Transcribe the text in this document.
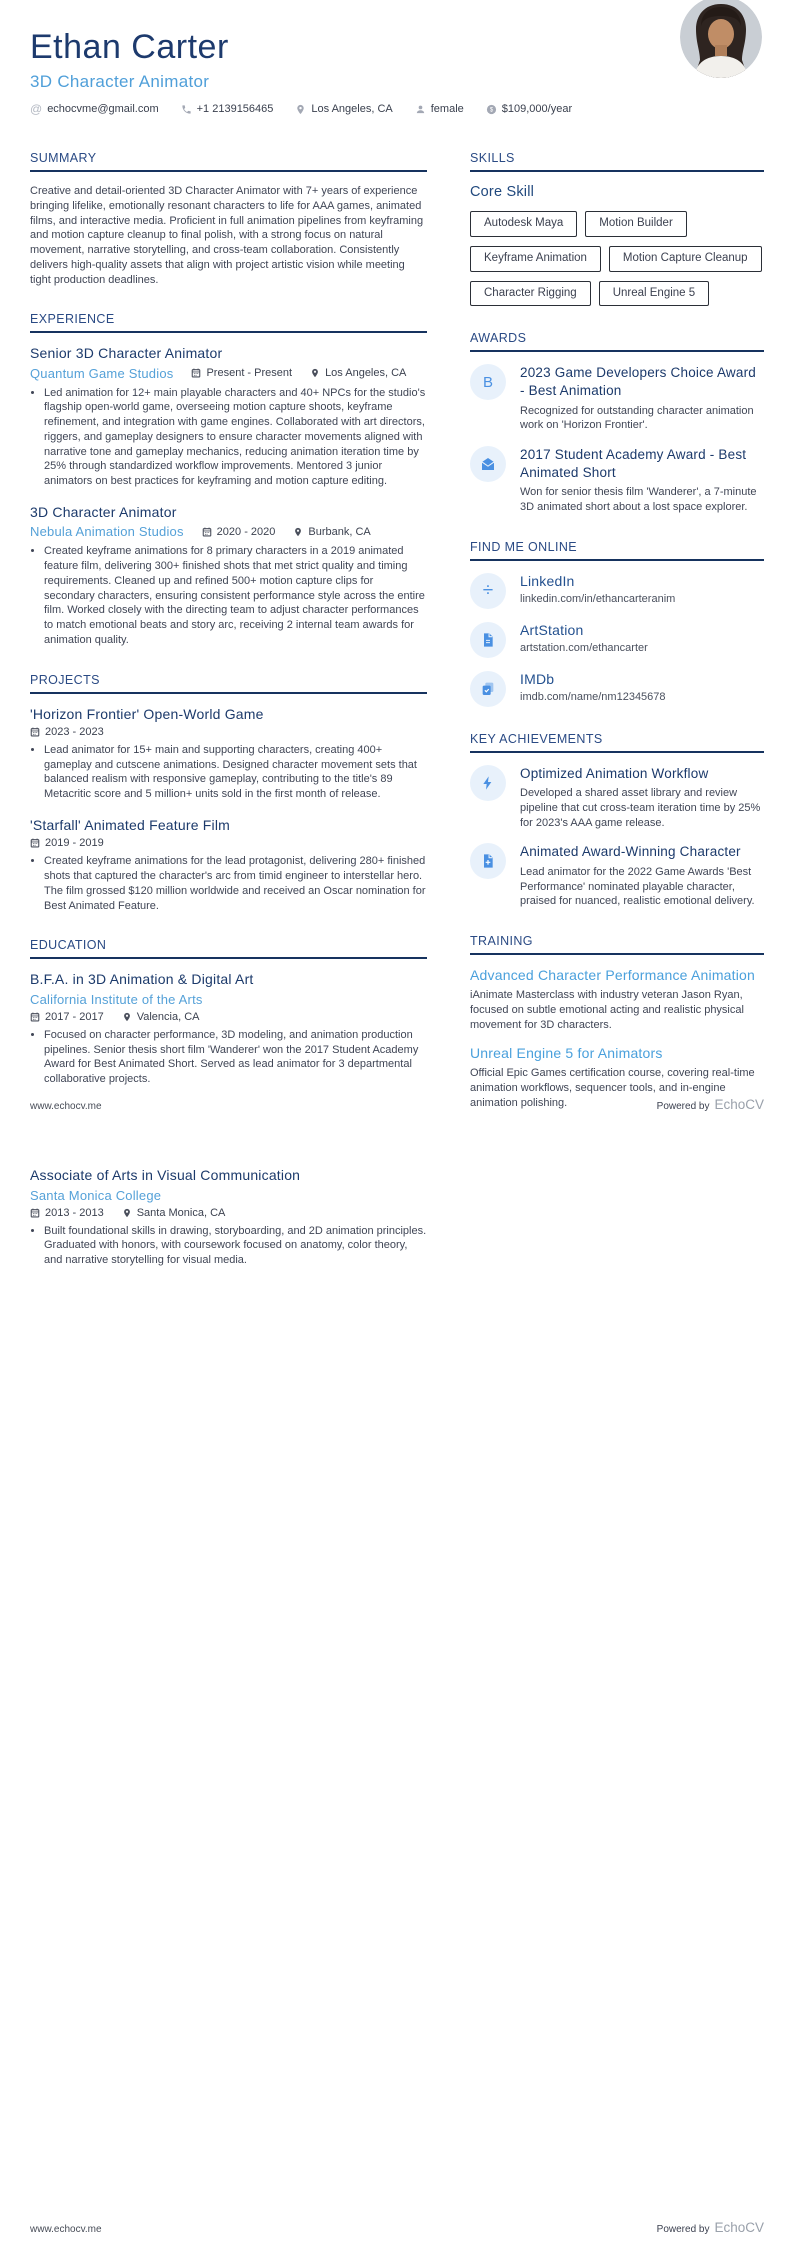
Ethan Carter
3D Character Animator
@ echocvme@gmail.com	+1 2139156465	Los Angeles, CA	female $ $109,000/year
SUMMARY
Creative and detail-oriented 3D Character Animator with 7+ years of experience bringing lifelike, emotionally resonant characters to life for AAA games, animated films, and interactive media. Proficient in full animation pipelines from keyframing and motion capture cleanup to final polish, with a strong focus on natural movement, narrative storytelling, and cross-team collaboration. Consistently delivers high-quality assets that align with project artistic vision while meeting tight production deadlines.
EXPERIENCE
Senior 3D Character Animator
Quantum Game Studios	Present - Present	Los Angeles, CA
• Led animation for 12+ main playable characters and 40+ NPCs for the studio's flagship open-world game, overseeing motion capture shoots, keyframe refinement, and integration with game engines. Collaborated with art directors, riggers, and gameplay designers to ensure character movements aligned with narrative tone and gameplay mechanics, reducing animation iteration time by 25% through standardized workflow improvements. Mentored 3 junior animators on best practices for keyframing and motion capture editing.
3D Character Animator
Nebula Animation Studios	2020 - 2020	Burbank, CA
• Created keyframe animations for 8 primary characters in a 2019 animated feature film, delivering 300+ finished shots that met strict quality and timing requirements. Cleaned up and refined 500+ motion capture clips for secondary characters, ensuring consistent performance style across the entire film. Worked closely with the directing team to adjust character performances to match emotional beats and story arc, receiving 2 internal team awards for animation quality.
PROJECTS
'Horizon Frontier' Open-World Game
2023 - 2023
• Lead animator for 15+ main and supporting characters, creating 400+ gameplay and cutscene animations. Designed character movement sets that balanced realism with responsive gameplay, contributing to the title's 89 Metacritic score and 5 million+ units sold in the first month of release.
'Starfall' Animated Feature Film
2019 - 2019
• Created keyframe animations for the lead protagonist, delivering 280+ finished shots that captured the character's arc from timid engineer to interstellar hero. The film grossed $120 million worldwide and received an Oscar nomination for Best Animated Feature.
EDUCATION
B.F.A. in 3D Animation & Digital Art
California Institute of the Arts
2017 - 2017	Valencia, CA
• Focused on character performance, 3D modeling, and animation production pipelines. Senior thesis short film 'Wanderer' won the 2017 Student Academy Award for Best Animated Short. Served as lead animator for 3 departmental collaborative projects.
SKILLS
Core Skill
Autodesk Maya	Motion Builder
Keyframe Animation	Motion Capture Cleanup
Character Rigging	Unreal Engine 5
AWARDS
B
2023 Game Developers Choice Award - Best Animation
Recognized for outstanding character animation work on 'Horizon Frontier'.
2017 Student Academy Award - Best Animated Short
Won for senior thesis film 'Wanderer', a 7-minute 3D animated short about a lost space explorer.
FIND ME ONLINE
÷ LinkedIn
linkedin.com/in/ethancarteranim
ArtStation
artstation.com/ethancarter
IMDb
imdb.com/name/nm12345678
KEY ACHIEVEMENTS
Optimized Animation Workflow
Developed a shared asset library and review pipeline that cut cross-team iteration time by 25% for 2023's AAA game release.
Animated Award-Winning Character
Lead animator for the 2022 Game Awards 'Best Performance' nominated playable character, praised for nuanced, realistic emotional delivery.
TRAINING
Advanced Character Performance Animation
iAnimate Masterclass with industry veteran Jason Ryan, focused on subtle emotional acting and realistic physical movement for 3D characters.
Unreal Engine 5 for Animators
Official Epic Games certification course, covering real-time animation workflows, sequencer tools, and in-engine animation polishing.
www.echocv.me	Powered by EchoCV
Associate of Arts in Visual Communication
Santa Monica College
2013 - 2013	Santa Monica, CA
• Built foundational skills in drawing, storyboarding, and 2D animation principles. Graduated with honors, with coursework focused on anatomy, color theory, and narrative storytelling for visual media.
www.echocv.me	Powered by EchoCV
